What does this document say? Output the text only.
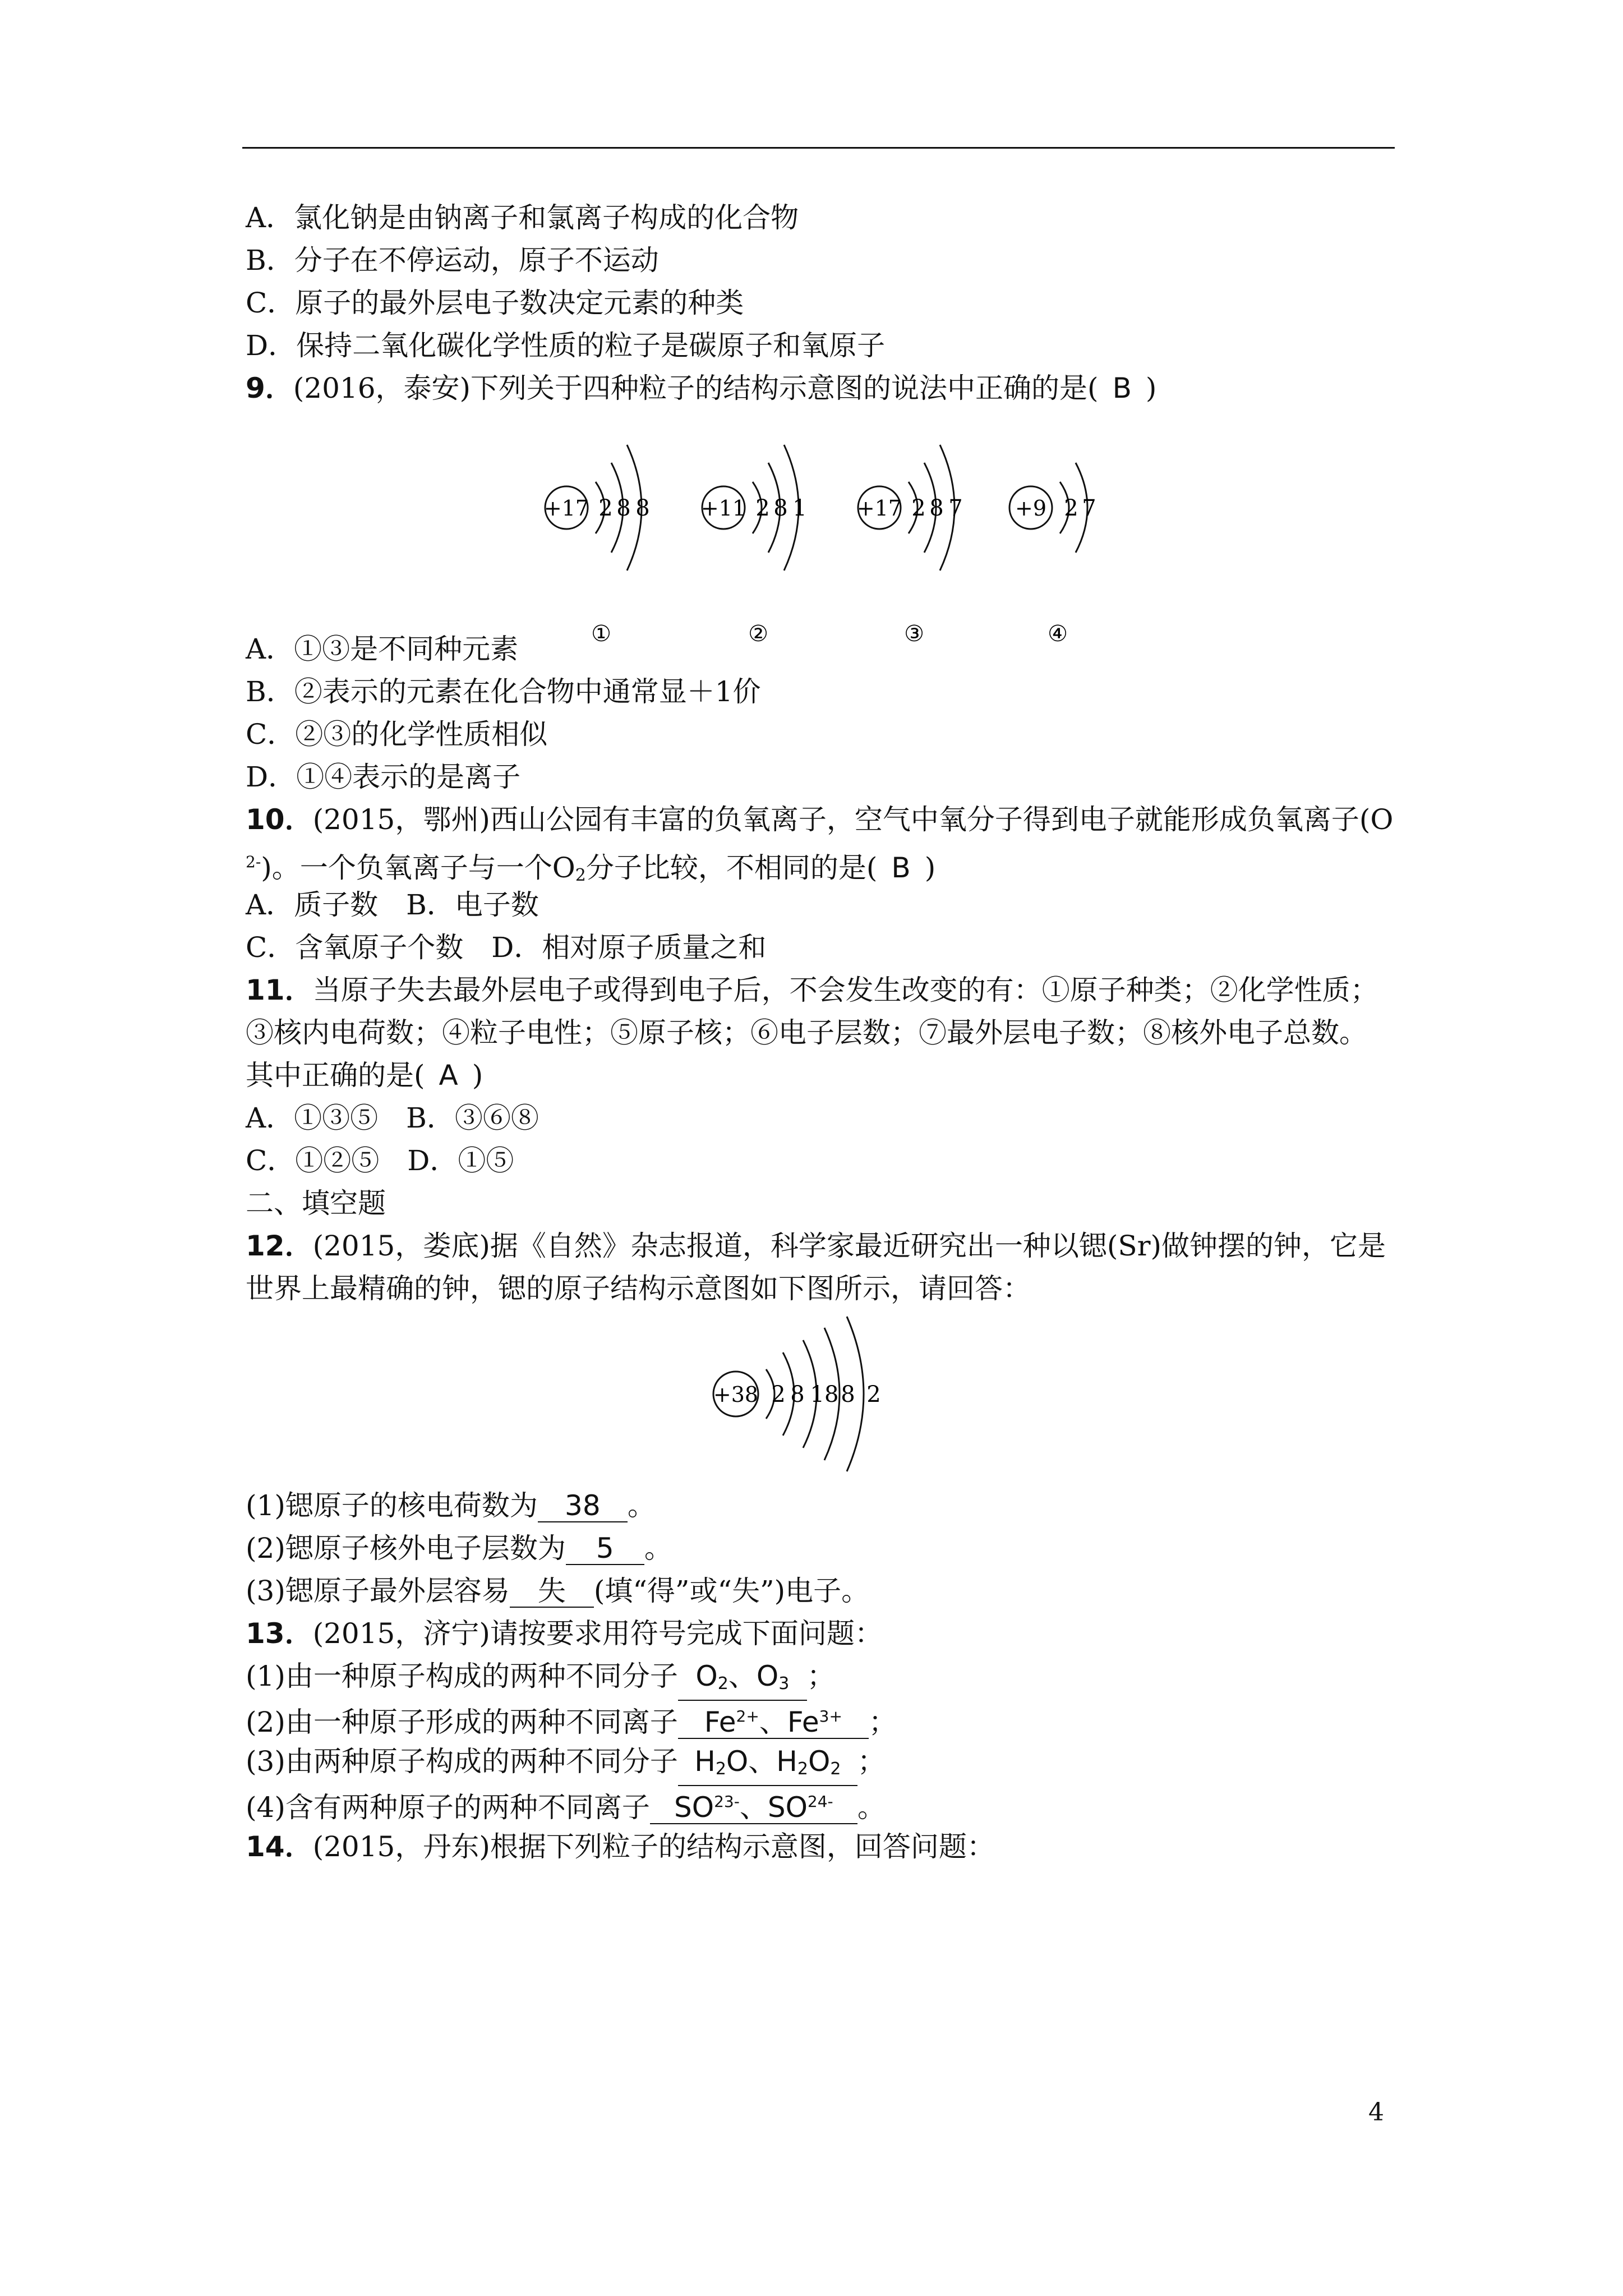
A．氯化钠是由钠离子和氯离子构成的化合物
B．分子在不停运动，原子不运动
C．原子的最外层电子数决定元素的种类
D．保持二氧化碳化学性质的粒子是碳原子和氧原子
9．(2016，泰安)下列关于四种粒子的结构示意图的说法中正确的是(  B  )
+17 2 8 8
①
+11 2 8 1
②
+17 2 8 7
③
+9 2 7
④
A．①③是不同种元素
B．②表示的元素在化合物中通常显＋1价
C．②③的化学性质相似
D．①④表示的是离子
10．(2015，鄂州)西山公园有丰富的负氧离子，空气中氧分子得到电子就能形成负氧离子(O
$^{2-}$)。一个负氧离子与一个$O_2$分子比较，不相同的是(  B  )
A．质子数　B．电子数
C．含氧原子个数　D．相对原子质量之和
11．当原子失去最外层电子或得到电子后，不会发生改变的有：①原子种类；②化学性质；
③核内电荷数；④粒子电性；⑤原子核；⑥电子层数；⑦最外层电子数；⑧核外电子总数。
其中正确的是(  A  )
A．①③⑤　B．③⑥⑧
C．①②⑤　D．①⑤
二、填空题
12．(2015，娄底)据《自然》杂志报道，科学家最近研究出一种以锶(Sr)做钟摆的钟，它是
世界上最精确的钟，锶的原子结构示意图如下图所示，请回答：
+38 2 8 18 8 2
(1)锶原子的核电荷数为 38 。
(2)锶原子核外电子层数为 5 。
(3)锶原子最外层容易 失 (填“得”或“失”)电子。
13．(2015，济宁)请按要求用符号完成下面问题：
(1)由一种原子构成的两种不同分子 $O_2$、$O_3$ ；
(2)由一种原子形成的两种不同离子 $Fe^{2+}$、$Fe^{3+}$ ；
(3)由两种原子构成的两种不同分子 $H_2O$、$H_2O_2$ ；
(4)含有两种原子的两种不同离子 $SO^{23-}$、$SO^{24-}$ 。
14．(2015，丹东)根据下列粒子的结构示意图，回答问题：
4
